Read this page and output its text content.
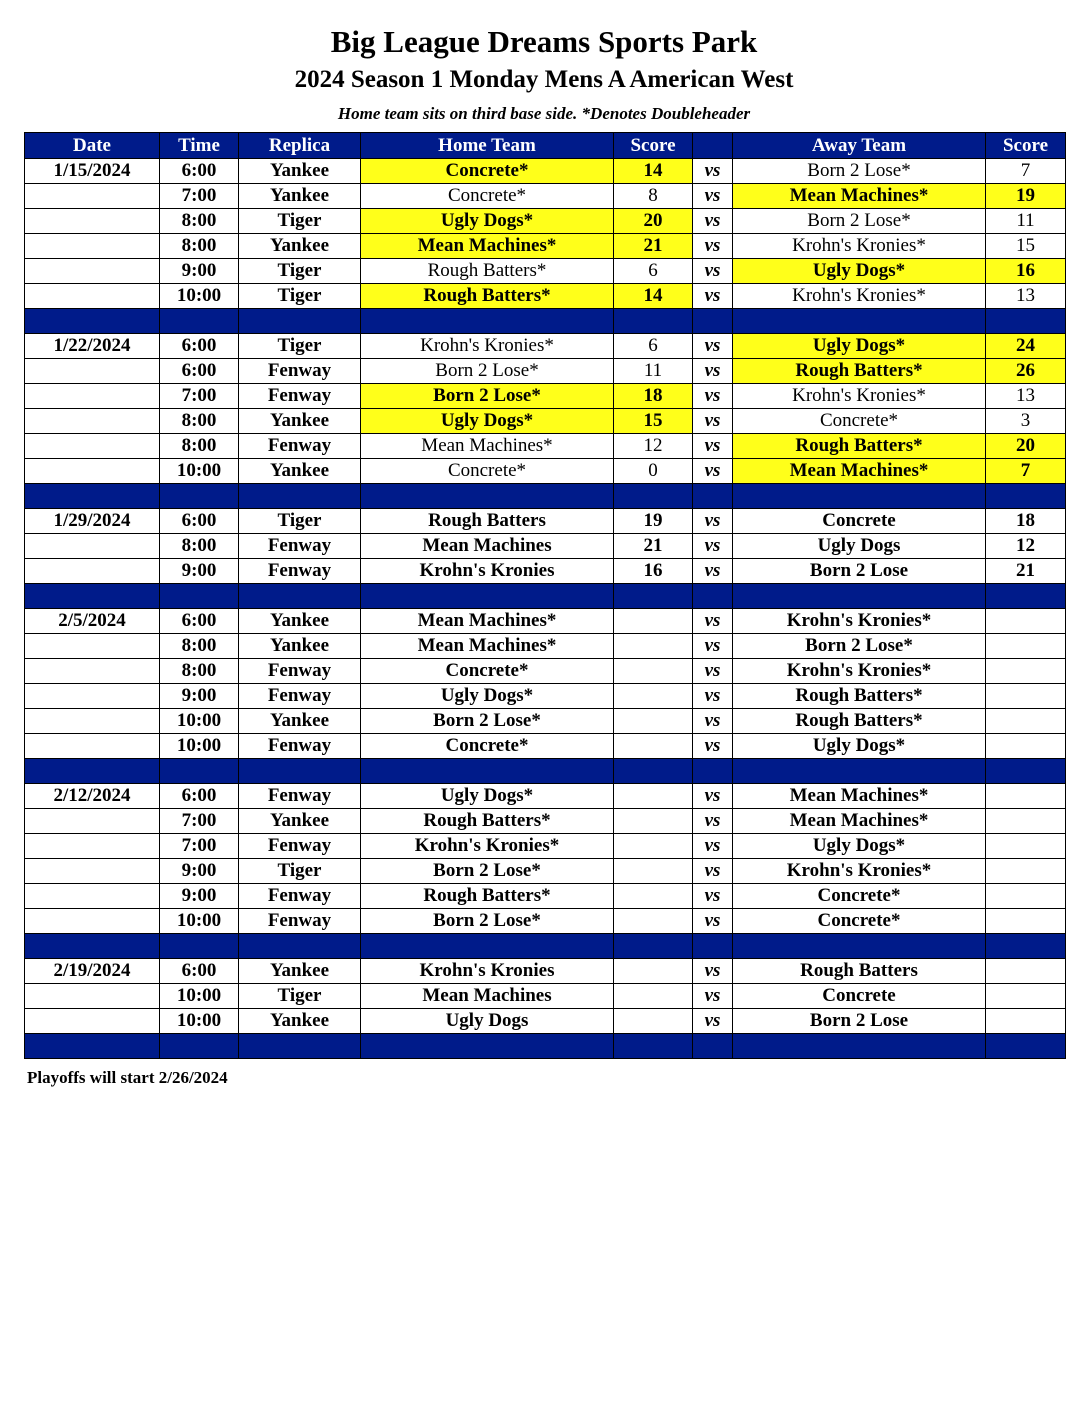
Big League Dreams Sports Park
2024 Season 1 Monday Mens A American West
Home team sits on third base side. *Denotes Doubleheader
Date	Time	Replica	Home Team	Score		Away Team	Score
1/15/2024	6:00	Yankee	Concrete*	14	vs	Born 2 Lose*	7
	7:00	Yankee	Concrete*	8	vs	Mean Machines*	19
	8:00	Tiger	Ugly Dogs*	20	vs	Born 2 Lose*	11
	8:00	Yankee	Mean Machines*	21	vs	Krohn's Kronies*	15
	9:00	Tiger	Rough Batters*	6	vs	Ugly Dogs*	16
	10:00	Tiger	Rough Batters*	14	vs	Krohn's Kronies*	13

1/22/2024	6:00	Tiger	Krohn's Kronies*	6	vs	Ugly Dogs*	24
	6:00	Fenway	Born 2 Lose*	11	vs	Rough Batters*	26
	7:00	Fenway	Born 2 Lose*	18	vs	Krohn's Kronies*	13
	8:00	Yankee	Ugly Dogs*	15	vs	Concrete*	3
	8:00	Fenway	Mean Machines*	12	vs	Rough Batters*	20
	10:00	Yankee	Concrete*	0	vs	Mean Machines*	7

1/29/2024	6:00	Tiger	Rough Batters	19	vs	Concrete	18
	8:00	Fenway	Mean Machines	21	vs	Ugly Dogs	12
	9:00	Fenway	Krohn's Kronies	16	vs	Born 2 Lose	21

2/5/2024	6:00	Yankee	Mean Machines*		vs	Krohn's Kronies*	
	8:00	Yankee	Mean Machines*		vs	Born 2 Lose*	
	8:00	Fenway	Concrete*		vs	Krohn's Kronies*	
	9:00	Fenway	Ugly Dogs*		vs	Rough Batters*	
	10:00	Yankee	Born 2 Lose*		vs	Rough Batters*	
	10:00	Fenway	Concrete*		vs	Ugly Dogs*	

2/12/2024	6:00	Fenway	Ugly Dogs*		vs	Mean Machines*	
	7:00	Yankee	Rough Batters*		vs	Mean Machines*	
	7:00	Fenway	Krohn's Kronies*		vs	Ugly Dogs*	
	9:00	Tiger	Born 2 Lose*		vs	Krohn's Kronies*	
	9:00	Fenway	Rough Batters*		vs	Concrete*	
	10:00	Fenway	Born 2 Lose*		vs	Concrete*	

2/19/2024	6:00	Yankee	Krohn's Kronies		vs	Rough Batters	
	10:00	Tiger	Mean Machines		vs	Concrete	
	10:00	Yankee	Ugly Dogs		vs	Born 2 Lose	

Playoffs will start 2/26/2024
